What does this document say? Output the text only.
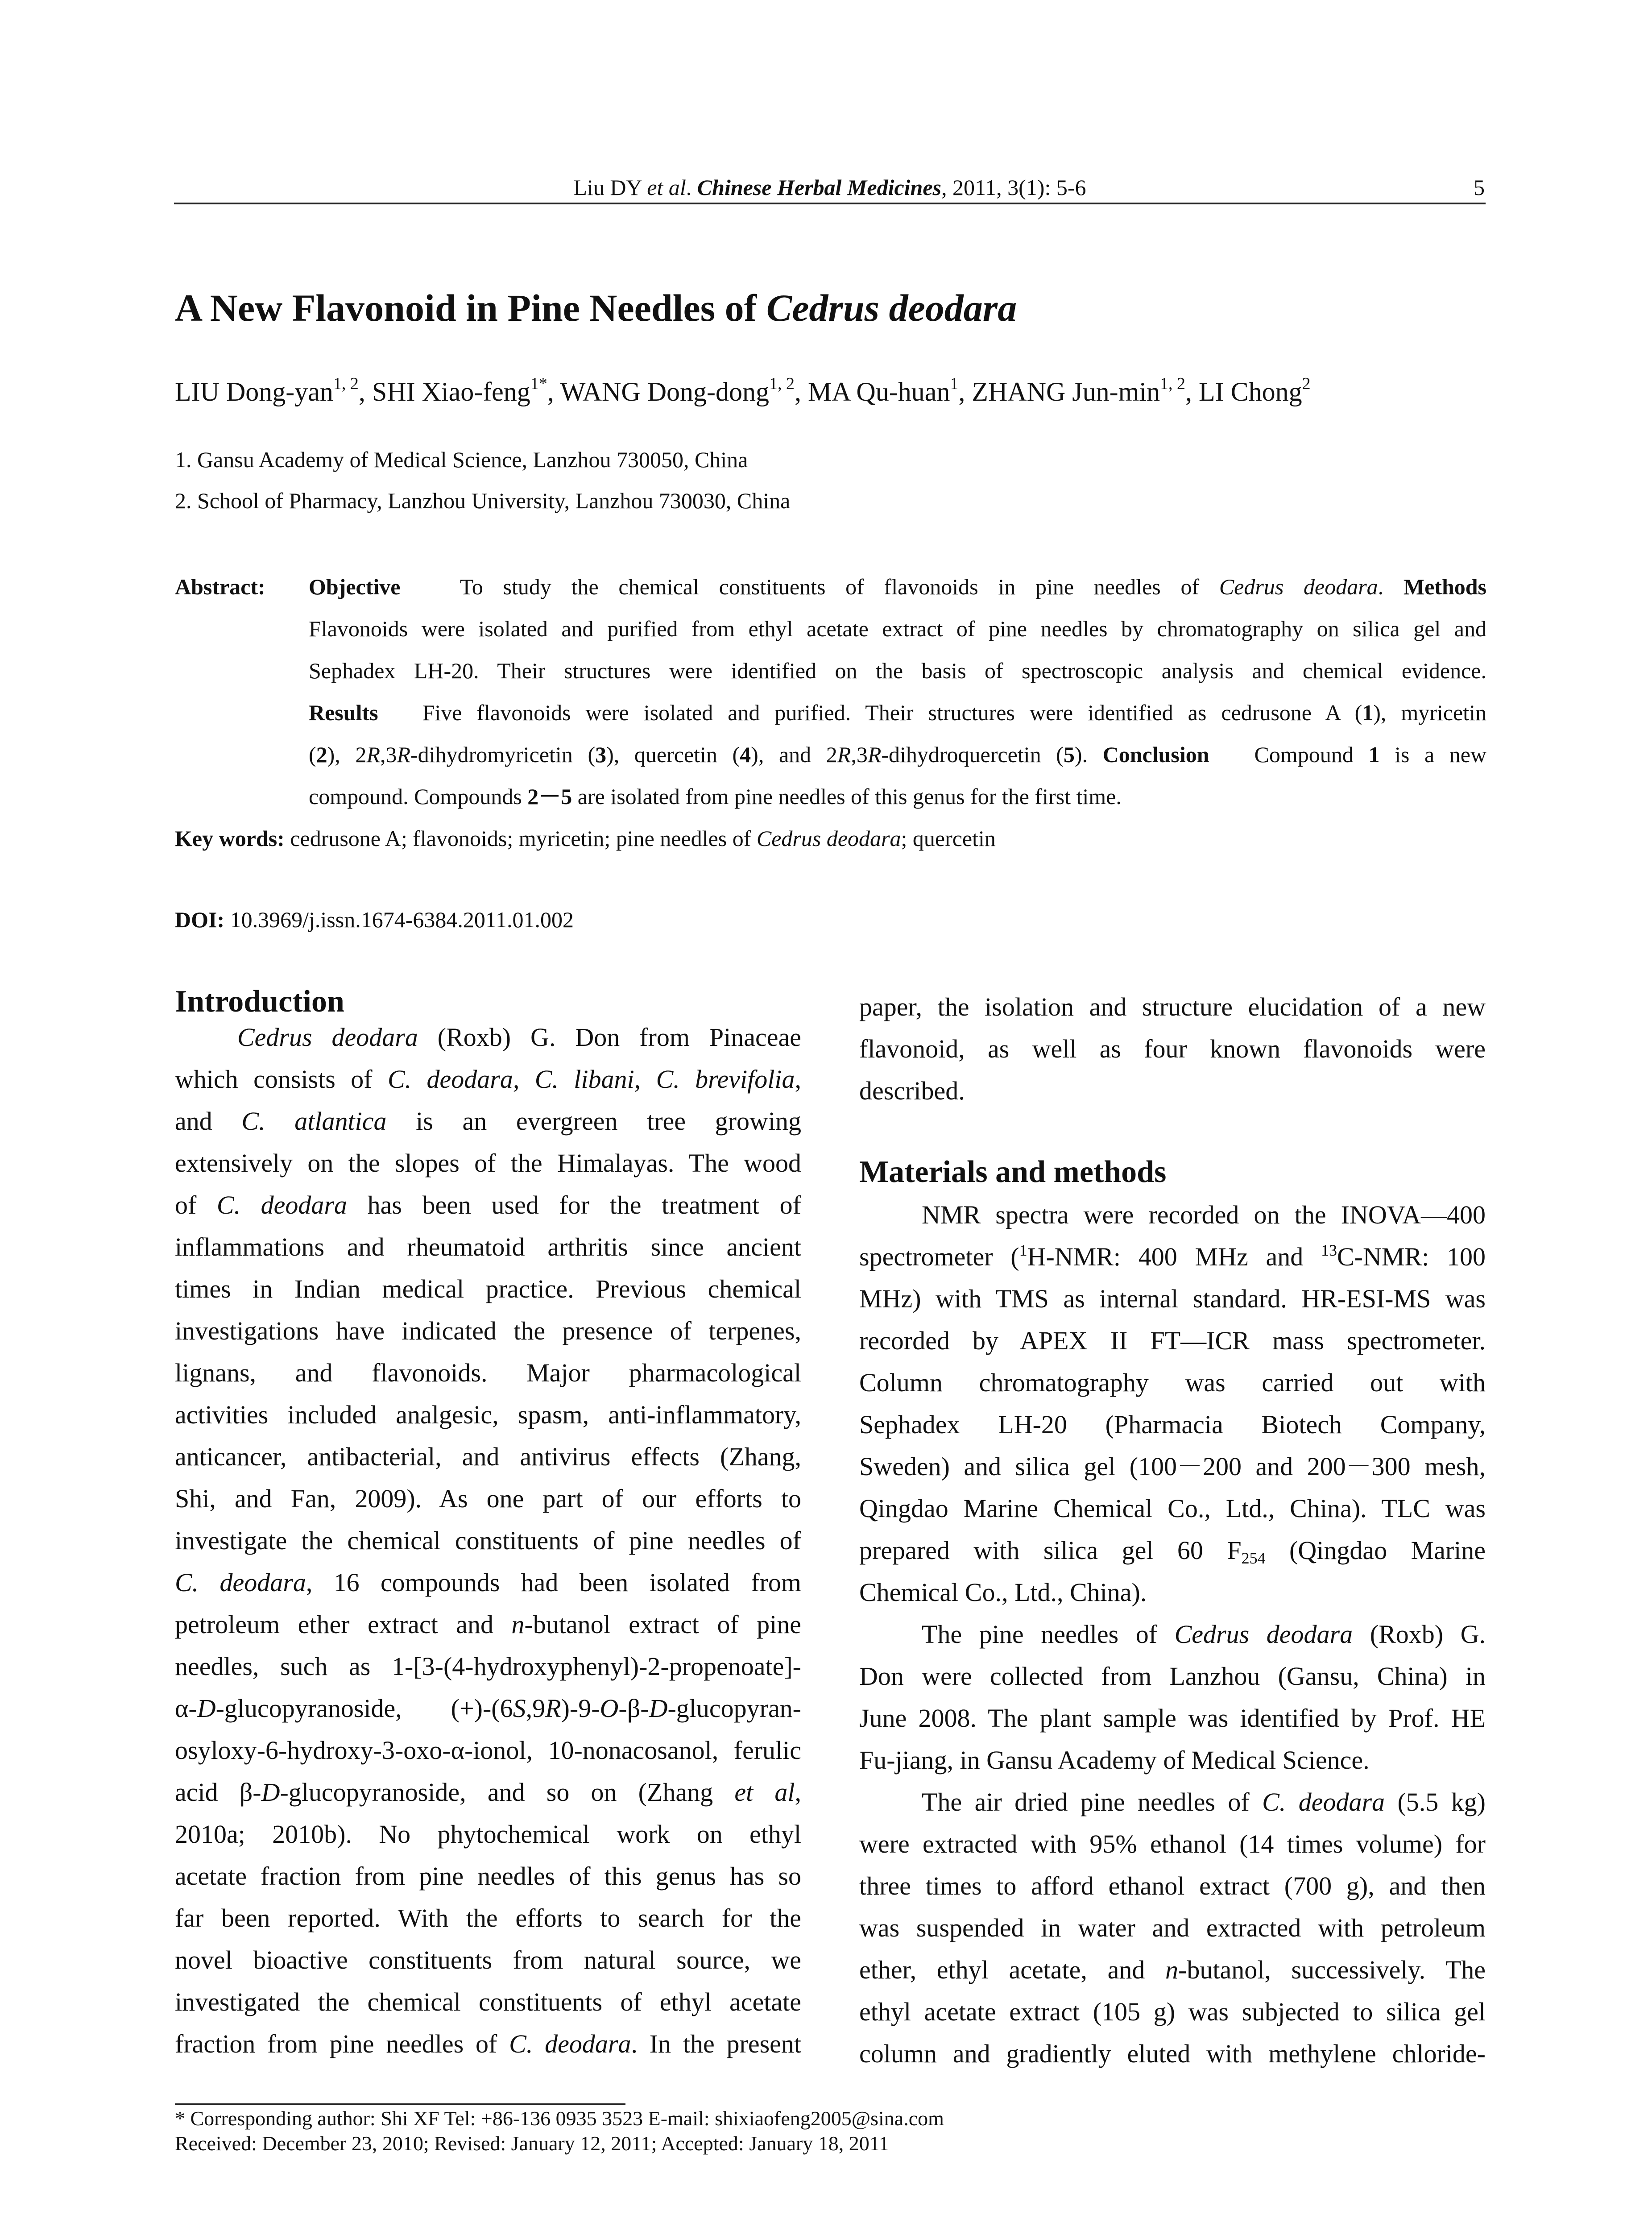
Liu DY et al. Chinese Herbal Medicines, 2011, 3(1): 5-6	5
A New Flavonoid in Pine Needles of Cedrus deodara
LIU Dong-yan$^{1, 2}$, SHI Xiao-feng$^{1*}$, WANG Dong-dong$^{1, 2}$, MA Qu-huan$^1$, ZHANG Jun-$\min^{1, 2}$, LI Chong$^2$
1. Gansu Academy of Medical Science, Lanzhou 730050, China
2. School of Pharmacy, Lanzhou University, Lanzhou 730030, China
Abstract: Objective	To study the chemical constituents of flavonoids in pine needles of Cedrus deodara. Methods
Flavonoids were isolated and purified from ethyl acetate extract of pine needles by chromatography on silica gel and
Sephadex LH-20. Their structures were identified on the basis of spectroscopic analysis and chemical evidence.
Results Five flavonoids were isolated and purified. Their structures were identified as cedrusone A (1), myricetin
(2), 2R,3R-dihydromyricetin (3), quercetin (4), and 2R,3R-dihydroquercetin (5). Conclusion Compound 1 is a new
compound. Compounds 2－5 are isolated from pine needles of this genus for the first time.
Key words: cedrusone A; flavonoids; myricetin; pine needles of Cedrus deodara; quercetin
DOI: 10.3969/j.issn.1674-6384.2011.01.002
Introduction
Cedrus deodara (Roxb) G. Don from Pinaceae
which consists of C. deodara, C. libani, C. brevifolia,
and C. atlantica is an evergreen tree growing
extensively on the slopes of the Himalayas. The wood
of C. deodara has been used for the treatment of
inflammations and rheumatoid arthritis since ancient
times in Indian medical practice. Previous chemical
investigations have indicated the presence of terpenes,
lignans, and flavonoids. Major pharmacological
activities included analgesic, spasm, anti-inflammatory,
anticancer, antibacterial, and antivirus effects (Zhang,
Shi, and Fan, 2009). As one part of our efforts to
investigate the chemical constituents of pine needles of
C. deodara, 16 compounds had been isolated from
petroleum ether extract and n-butanol extract of pine
needles, such as 1-[3-(4-hydroxyphenyl)-2-propenoate]-
α-D-glucopyranoside, (+)-(6S,9R)-9-O-β-D-glucopyran-
osyloxy-6-hydroxy-3-oxo-α-ionol, 10-nonacosanol, ferulic
acid β-D-glucopyranoside, and so on (Zhang et al,
2010a; 2010b). No phytochemical work on ethyl
acetate fraction from pine needles of this genus has so
far been reported. With the efforts to search for the
novel bioactive constituents from natural source, we
investigated the chemical constituents of ethyl acetate
fraction from pine needles of C. deodara. In the present
paper, the isolation and structure elucidation of a new
flavonoid, as well as four known flavonoids were
described.
Materials and methods
NMR spectra were recorded on the INOVA—400
spectrometer ($^1$H-NMR: 400 MHz and $^{13}$C-NMR: 100
MHz) with TMS as internal standard. HR-ESI-MS was
recorded by APEX II FT—ICR mass spectrometer.
Column chromatography was carried out with
Sephadex LH-20 (Pharmacia Biotech Company,
Sweden) and silica gel (100－200 and 200－300 mesh,
Qingdao Marine Chemical Co., Ltd., China). TLC was
prepared with silica gel 60 $F_{254}$ (Qingdao Marine
Chemical Co., Ltd., China).
The pine needles of Cedrus deodara (Roxb) G.
Don were collected from Lanzhou (Gansu, China) in
June 2008. The plant sample was identified by Prof. HE
Fu-jiang, in Gansu Academy of Medical Science.
The air dried pine needles of C. deodara (5.5 kg)
were extracted with 95% ethanol (14 times volume) for
three times to afford ethanol extract (700 g), and then
was suspended in water and extracted with petroleum
ether, ethyl acetate, and n-butanol, successively. The
ethyl acetate extract (105 g) was subjected to silica gel
column and gradiently eluted with methylene chloride-
* Corresponding author: Shi XF Tel: +86-136 0935 3523 E-mail: shixiaofeng2005@sina.com
Received: December 23, 2010; Revised: January 12, 2011; Accepted: January 18, 2011
